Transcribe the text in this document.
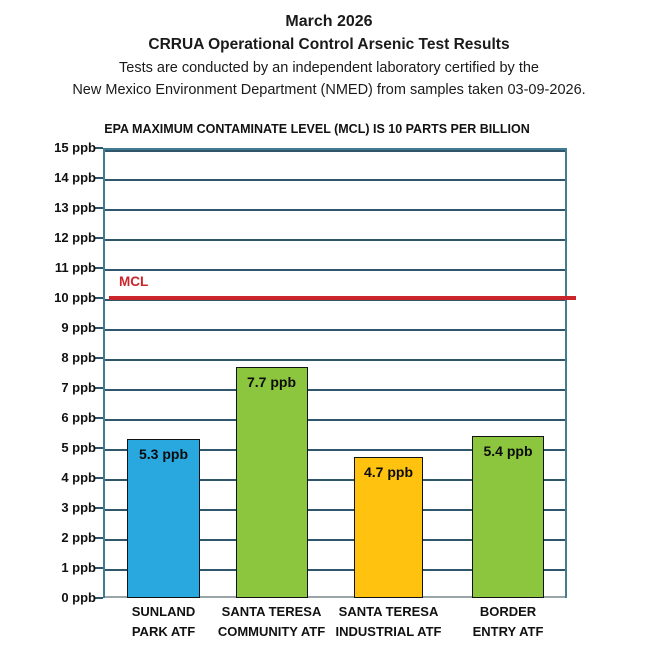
March 2026
CRRUA Operational Control Arsenic Test Results
Tests are conducted by an independent laboratory certified by the
New Mexico Environment Department (NMED) from samples taken 03-09-2026.
EPA MAXIMUM CONTAMINATE LEVEL (MCL) IS 10 PARTS PER BILLION
0 ppb
1 ppb
2 ppb
3 ppb
4 ppb
5 ppb
6 ppb
7 ppb
8 ppb
9 ppb
10 ppb
11 ppb
12 ppb
13 ppb
14 ppb
15 ppb
5.3 ppb
SUNLAND
PARK ATF
7.7 ppb
SANTA TERESA
COMMUNITY ATF
4.7 ppb
SANTA TERESA
INDUSTRIAL ATF
5.4 ppb
BORDER
ENTRY ATF
MCL
